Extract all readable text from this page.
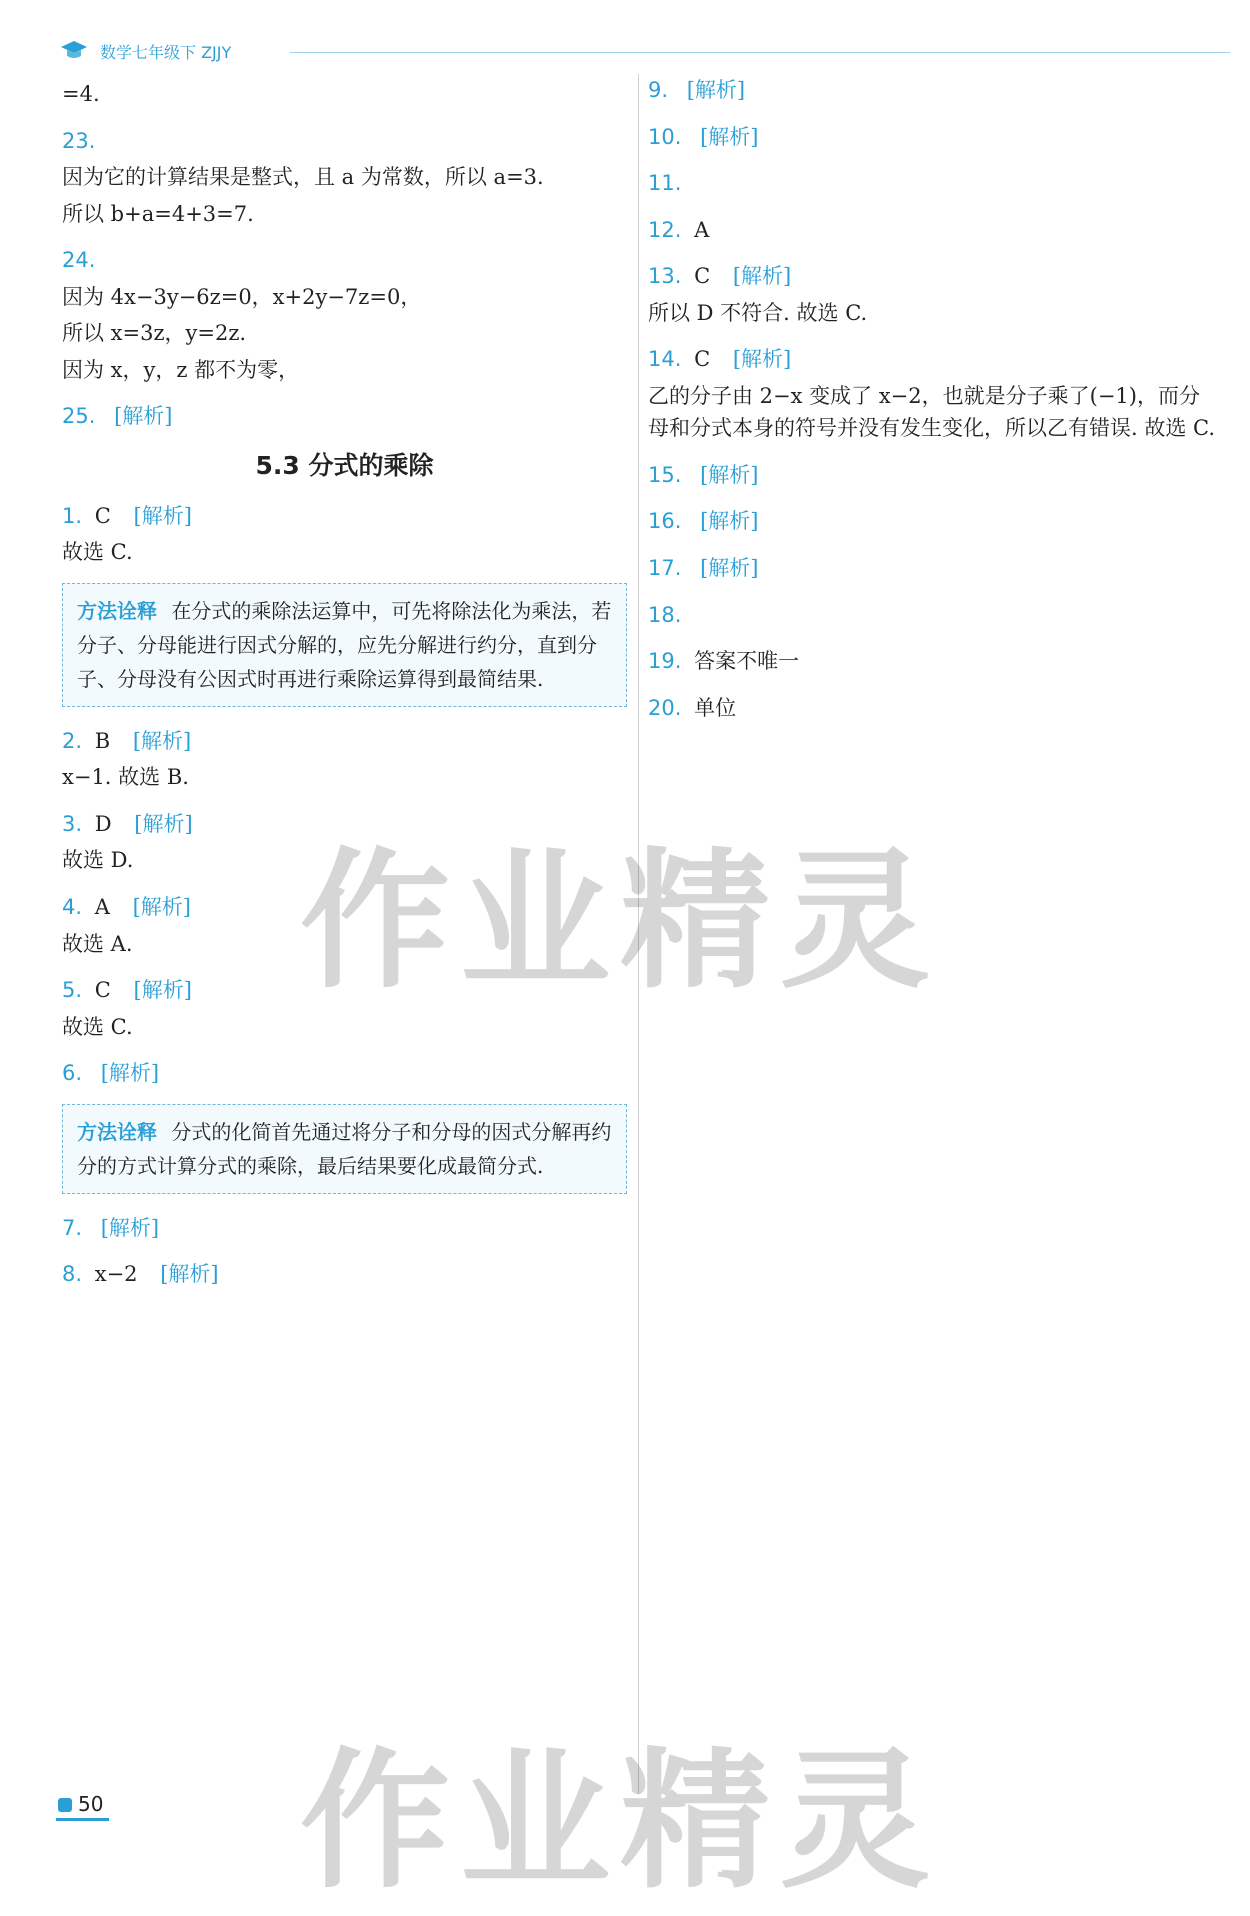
数学七年级下 ZJJY
=4.
23.
因为它的计算结果是整式，且 a 为常数，所以 a=3.
所以 b+a=4+3=7.
24.
因为 4x−3y−6z=0，x+2y−7z=0，
所以 x=3z，y=2z.
因为 x，y，z 都不为零，
25. [解析]
5.3 分式的乘除
1. C [解析]
故选 C.
方法诠释 在分式的乘除法运算中，可先将除法化为乘法，若分子、分母能进行因式分解的，应先分解进行约分，直到分子、分母没有公因式时再进行乘除运算得到最简结果.
2. B [解析]
x−1. 故选 B.
3. D [解析]
故选 D.
4. A [解析]
故选 A.
5. C [解析]
故选 C.
6. [解析]
方法诠释 分式的化简首先通过将分子和分母的因式分解再约分的方式计算分式的乘除，最后结果要化成最简分式.
7. [解析]
8. x−2 [解析]
9. [解析]
10. [解析]
11.
12. A
13. C [解析]
所以 D 不符合. 故选 C.
14. C [解析]
乙的分子由 2−x 变成了 x−2，也就是分子乘了(−1)，而分母和分式本身的符号并没有发生变化，所以乙有错误. 故选 C.
15. [解析]
16. [解析]
17. [解析]
18.
19. 答案不唯一
20. 单位
作业精灵
作业精灵
50
